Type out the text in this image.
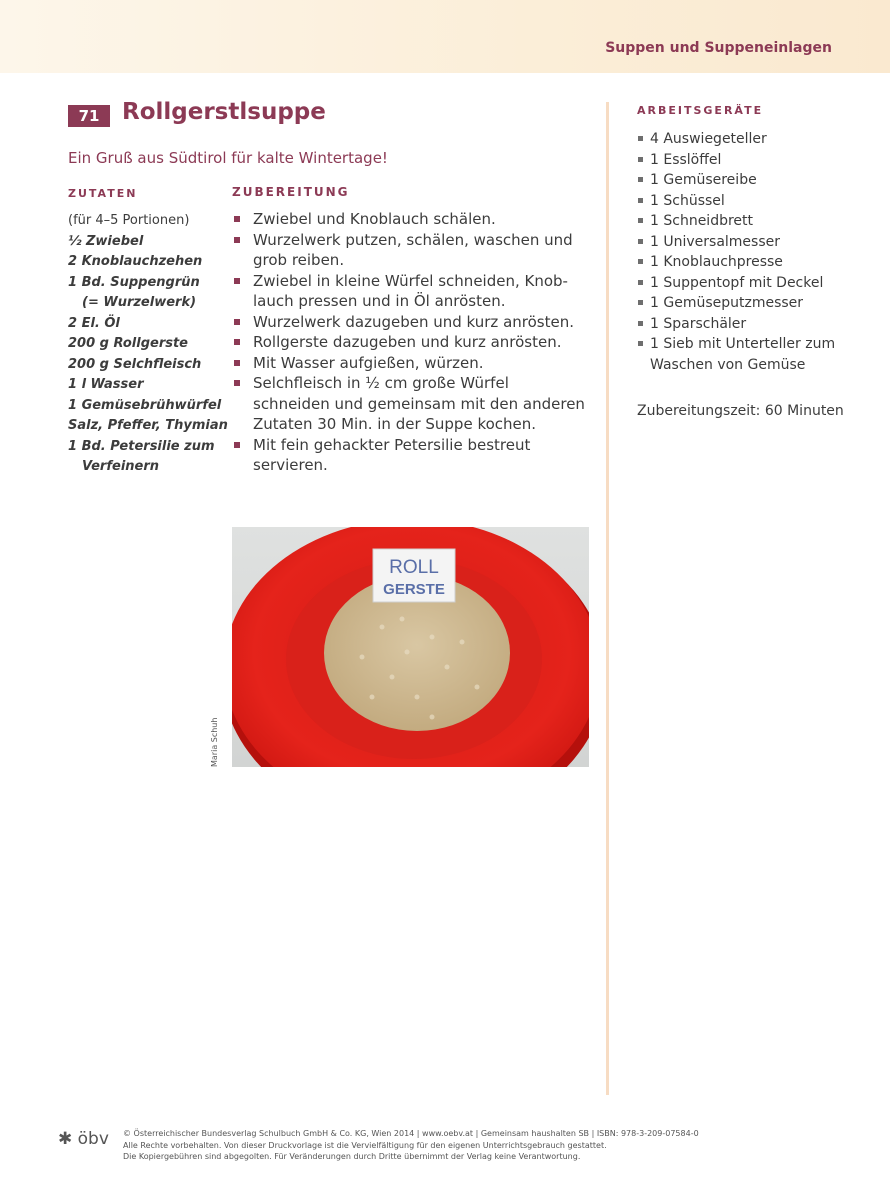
Suppen und Suppeneinlagen
71 Rollgerstlsuppe
Ein Gruß aus Südtirol für kalte Wintertage!
ZUTATEN	ZUBEREITUNG
ARBEITSGERÄTE
(für 4–5 Portionen)
½ Zwiebel
2 Knoblauchzehen
1 Bd. Suppengrün
(= Wurzelwerk)
2 El. Öl
200 g Rollgerste
200 g Selchfleisch
1 l Wasser
1 Gemüsebrühwürfel
Salz, Pfeffer, Thymian
1 Bd. Petersilie zum
Verfeinern
Zwiebel und Knoblauch schälen.
Wurzelwerk putzen, schälen, waschen und grob reiben.
Zwiebel in kleine Würfel schneiden, Knob-lauch pressen und in Öl anrösten.
Wurzelwerk dazugeben und kurz anrösten.
Rollgerste dazugeben und kurz anrösten.
Mit Wasser aufgießen, würzen.
Selchfleisch in ½ cm große Würfel schneiden und gemeinsam mit den anderen Zutaten 30 Min. in der Suppe kochen.
Mit fein gehackter Petersilie bestreut servieren.
4 Auswiegeteller
1 Esslöffel
1 Gemüsereibe
1 Schüssel
1 Schneidbrett
1 Universalmesser
1 Knoblauchpresse
1 Suppentopf mit Deckel
1 Gemüseputzmesser
1 Sparschäler
1 Sieb mit Unterteller zum Waschen von Gemüse
Zubereitungszeit: 60 Minuten
ROLL
GERSTE
Maria Schuh
✱ öbv © Österreichischer Bundesverlag Schulbuch GmbH & Co. KG, Wien 2014 | www.oebv.at | Gemeinsam haushalten SB | ISBN: 978-3-209-07584-0
Alle Rechte vorbehalten. Von dieser Druckvorlage ist die Vervielfältigung für den eigenen Unterrichtsgebrauch gestattet.
Die Kopiergebühren sind abgegolten. Für Veränderungen durch Dritte übernimmt der Verlag keine Verantwortung.
